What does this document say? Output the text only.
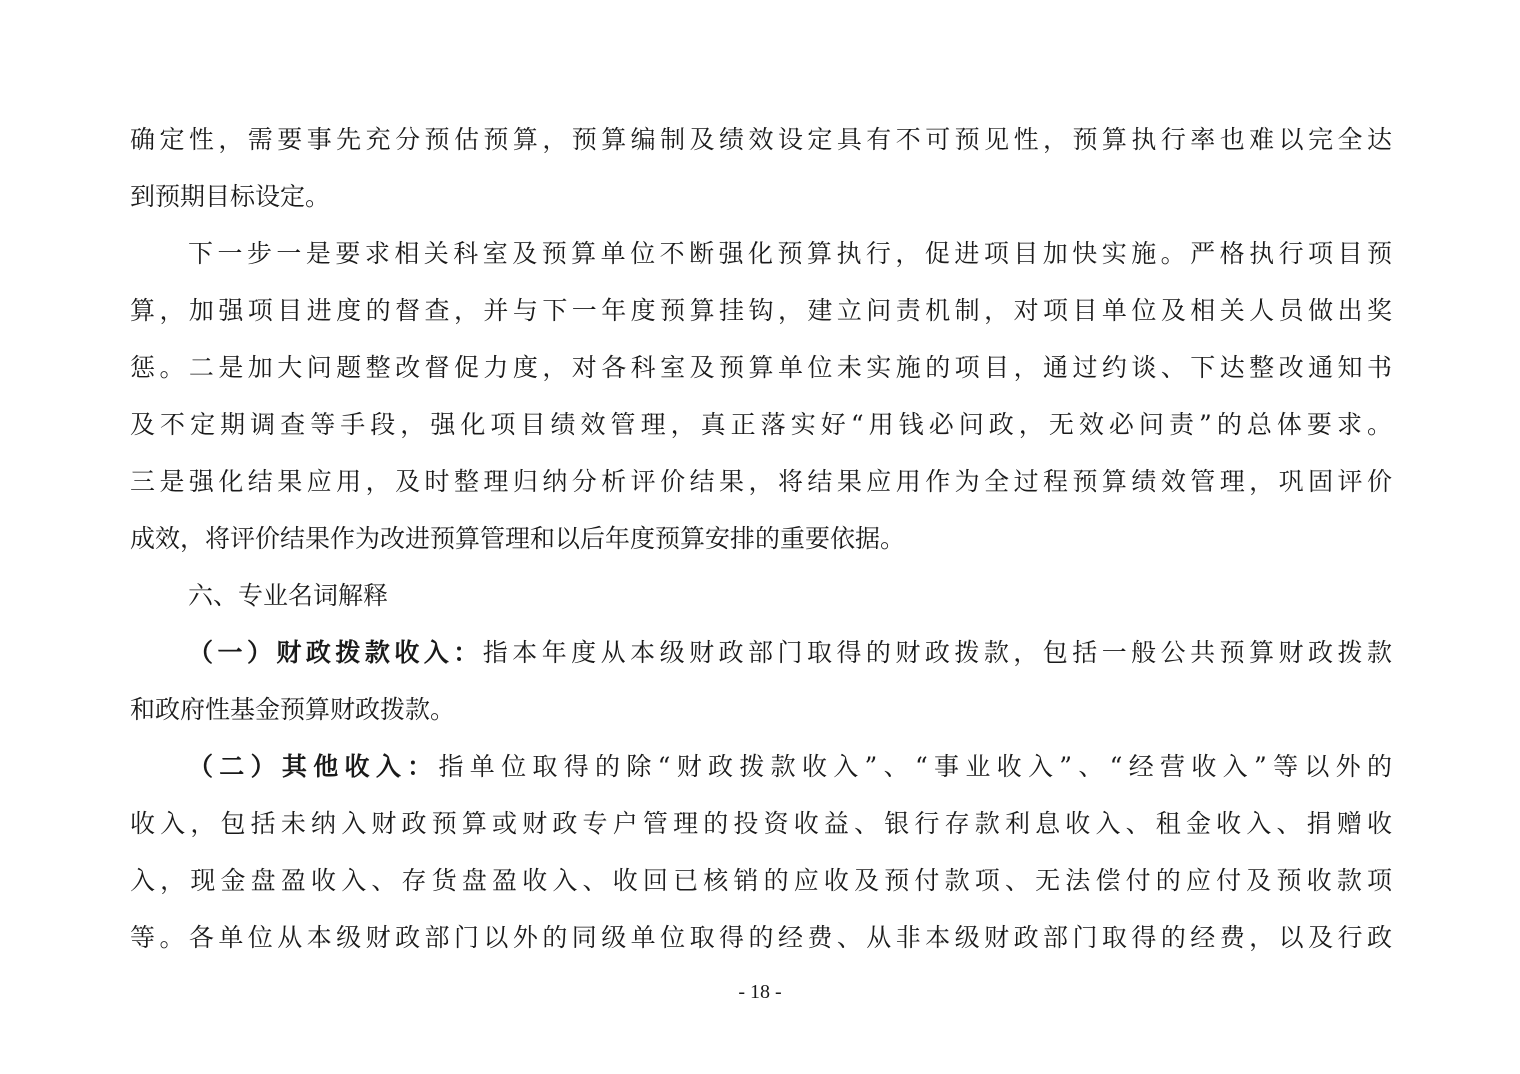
确定性，需要事先充分预估预算，预算编制及绩效设定具有不可预见性，预算执行率也难以完全达
到预期目标设定。
下一步一是要求相关科室及预算单位不断强化预算执行，促进项目加快实施。严格执行项目预
算，加强项目进度的督查，并与下一年度预算挂钩，建立问责机制，对项目单位及相关人员做出奖
惩。二是加大问题整改督促力度，对各科室及预算单位未实施的项目，通过约谈、下达整改通知书
及不定期调查等手段，强化项目绩效管理，真正落实好“用钱必问政，无效必问责”的总体要求。
三是强化结果应用，及时整理归纳分析评价结果，将结果应用作为全过程预算绩效管理，巩固评价
成效，将评价结果作为改进预算管理和以后年度预算安排的重要依据。
六、专业名词解释
（一）财政拨款收入：指本年度从本级财政部门取得的财政拨款，包括一般公共预算财政拨款
和政府性基金预算财政拨款。
（二）其他收入：指单位取得的除“财政拨款收入”、“事业收入”、“经营收入”等以外的
收入，包括未纳入财政预算或财政专户管理的投资收益、银行存款利息收入、租金收入、捐赠收
入，现金盘盈收入、存货盘盈收入、收回已核销的应收及预付款项、无法偿付的应付及预收款项
等。各单位从本级财政部门以外的同级单位取得的经费、从非本级财政部门取得的经费，以及行政
- 18 -
